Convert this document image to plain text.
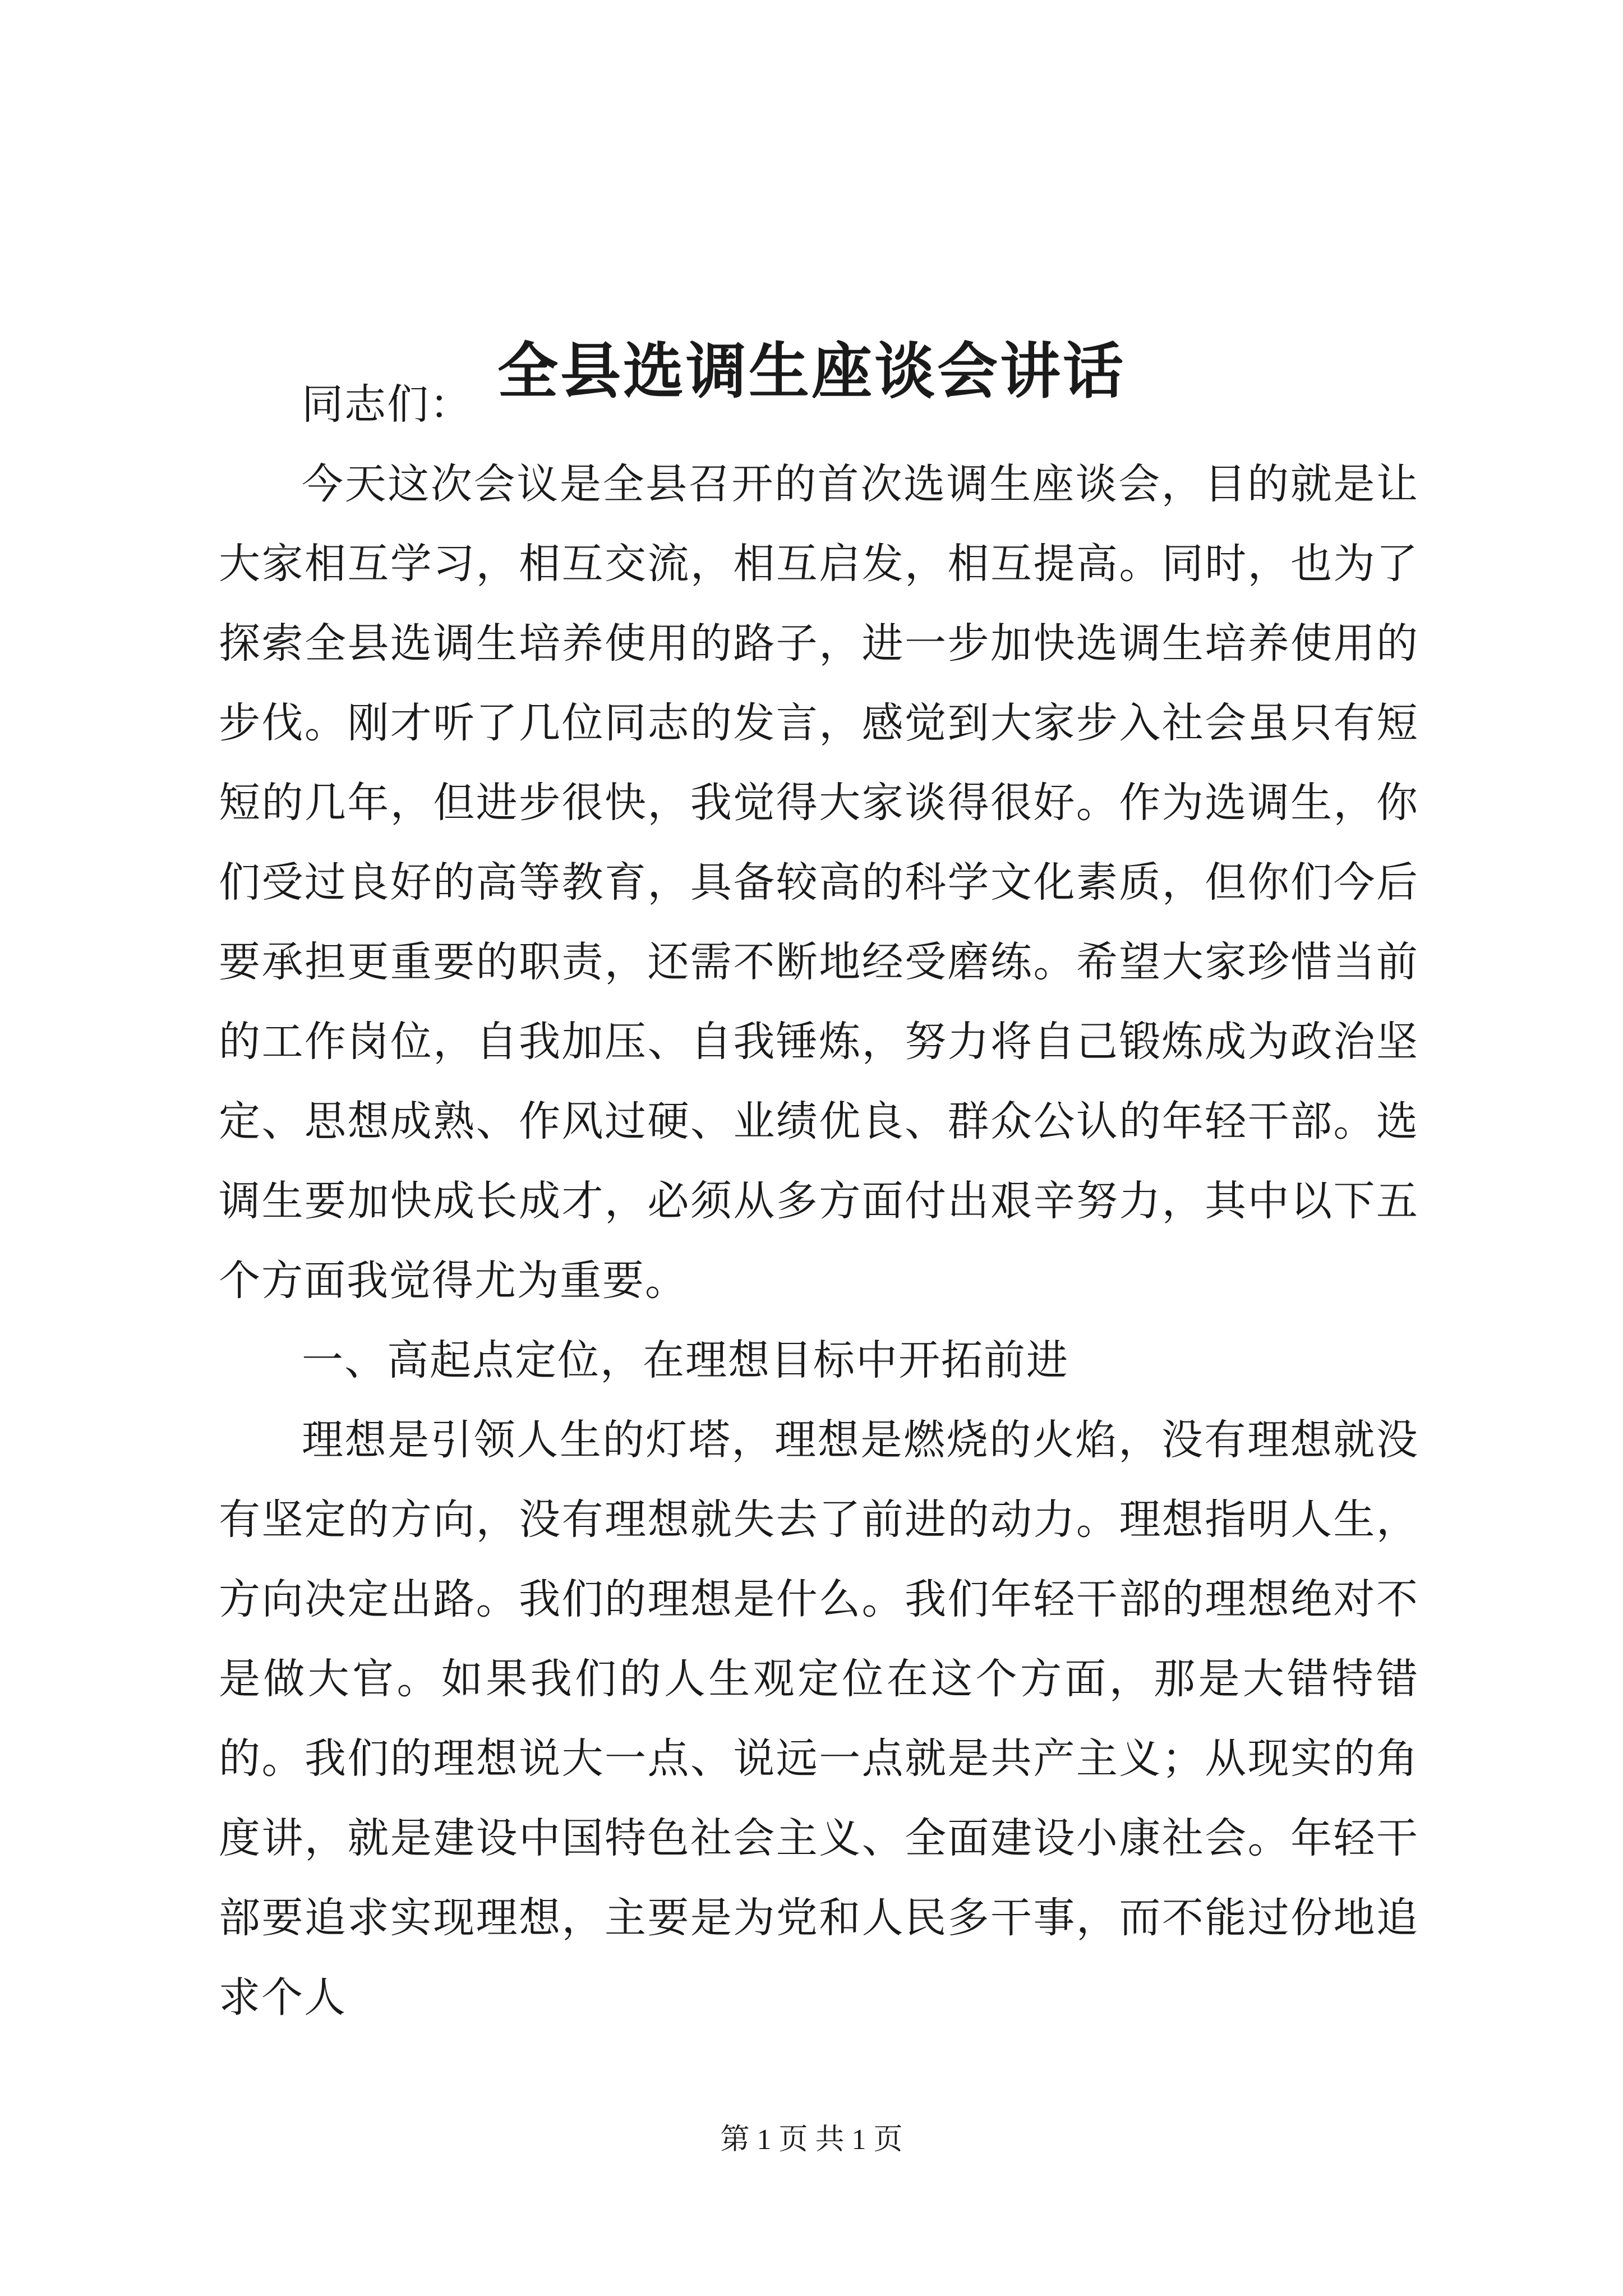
全县选调生座谈会讲话

同志们：

今天这次会议是全县召开的首次选调生座谈会，目的就是让大家相互学习，相互交流，相互启发，相互提高。同时，也为了探索全县选调生培养使用的路子，进一步加快选调生培养使用的步伐。刚才听了几位同志的发言，感觉到大家步入社会虽只有短短的几年，但进步很快，我觉得大家谈得很好。作为选调生，你们受过良好的高等教育，具备较高的科学文化素质，但你们今后要承担更重要的职责，还需不断地经受磨练。希望大家珍惜当前的工作岗位，自我加压、自我锤炼，努力将自己锻炼成为政治坚定、思想成熟、作风过硬、业绩优良、群众公认的年轻干部。选调生要加快成长成才，必须从多方面付出艰辛努力，其中以下五个方面我觉得尤为重要。

一、高起点定位，在理想目标中开拓前进

理想是引领人生的灯塔，理想是燃烧的火焰，没有理想就没有坚定的方向，没有理想就失去了前进的动力。理想指明人生，方向决定出路。我们的理想是什么。我们年轻干部的理想绝对不是做大官。如果我们的人生观定位在这个方面，那是大错特错的。我们的理想说大一点、说远一点就是共产主义；从现实的角度讲，就是建设中国特色社会主义、全面建设小康社会。年轻干部要追求实现理想，主要是为党和人民多干事，而不能过份地追求个人

第 1 页 共 1 页
